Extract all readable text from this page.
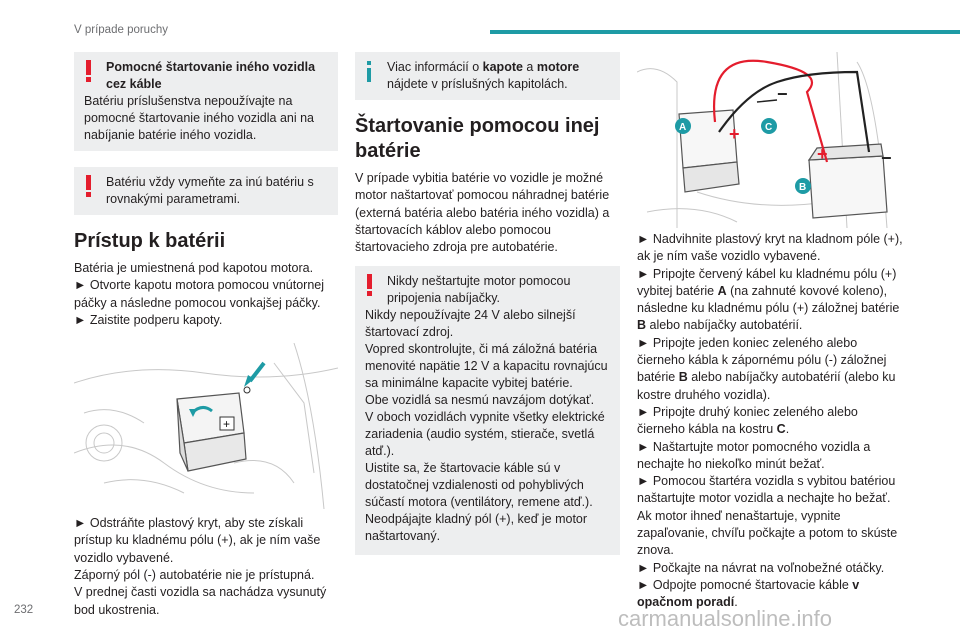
V prípade poruchy
Pomocné štartovanie iného vozidla cez káble
Batériu príslušenstva nepoužívajte na pomocné štartovanie iného vozidla ani na nabíjanie batérie iného vozidla.
Batériu vždy vymeňte za inú batériu s rovnakými parametrami.
Prístup k batérii
Batéria je umiestnená pod kapotou motora.
► Otvorte kapotu motora pomocou vnútornej páčky a následne pomocou vonkajšej páčky.
► Zaistite podperu kapoty.
+
► Odstráňte plastový kryt, aby ste získali prístup ku kladnému pólu (+), ak je ním vaše vozidlo vybavené.
Záporný pól (-) autobatérie nie je prístupná.
V prednej časti vozidla sa nachádza vysunutý bod ukostrenia.
Viac informácií o kapote a motore nájdete v príslušných kapitolách.
Štartovanie pomocou inej batérie
V prípade vybitia batérie vo vozidle je možné motor naštartovať pomocou náhradnej batérie (externá batéria alebo batéria iného vozidla) a štartovacích káblov alebo pomocou štartovacieho zdroja pre autobatérie.
Nikdy neštartujte motor pomocou pripojenia nabíjačky.
Nikdy nepoužívajte 24 V alebo silnejší štartovací zdroj.
Vopred skontrolujte, či má záložná batéria menovité napätie 12 V a kapacitu rovnajúcu sa minimálne kapacite vybitej batérie.
Obe vozidlá sa nesmú navzájom dotýkať.
V oboch vozidlách vypnite všetky elektrické zariadenia (audio systém, stierače, svetlá atď.).
Uistite sa, že štartovacie káble sú v dostatočnej vzdialenosti od pohyblivých súčastí motora (ventilátory, remene atď.).
Neodpájajte kladný pól (+), keď je motor naštartovaný.
+
+	−
−
A
B
C
► Nadvihnite plastový kryt na kladnom póle (+), ak je ním vaše vozidlo vybavené.
► Pripojte červený kábel ku kladnému pólu (+) vybitej batérie A (na zahnuté kovové koleno), následne ku kladnému pólu (+) záložnej batérie B alebo nabíjačky autobatérií.
► Pripojte jeden koniec zeleného alebo čierneho kábla k zápornému pólu (-) záložnej batérie B alebo nabíjačky autobatérií (alebo ku kostre druhého vozidla).
► Pripojte druhý koniec zeleného alebo čierneho kábla na kostru C.
► Naštartujte motor pomocného vozidla a nechajte ho niekoľko minút bežať.
► Pomocou štartéra vozidla s vybitou batériou naštartujte motor vozidla a nechajte ho bežať.
Ak motor ihneď nenaštartuje, vypnite zapaľovanie, chvíľu počkajte a potom to skúste znova.
► Počkajte na návrat na voľnobežné otáčky.
► Odpojte pomocné štartovacie káble v opačnom poradí.
232	carmanualsonline.info
